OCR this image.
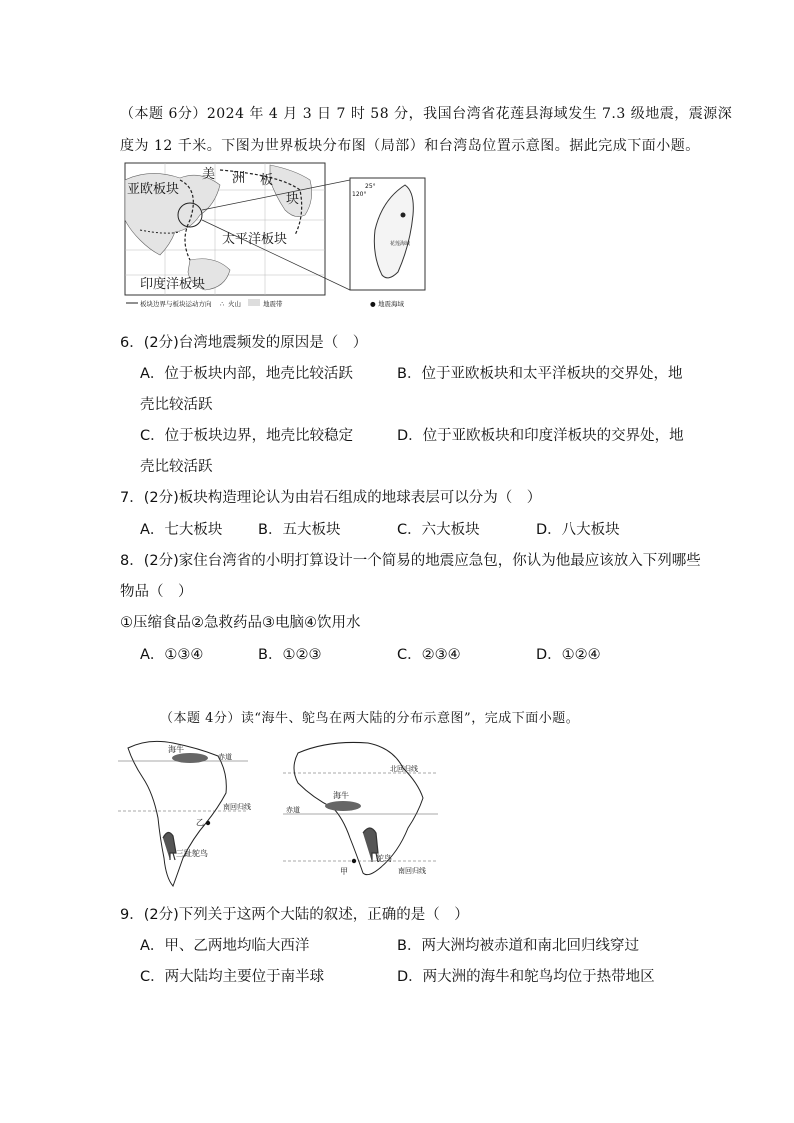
（本题 6分）2024 年 4 月 3 日 7 时 58 分，我国台湾省花莲县海域发生 7.3 级地震，震源深
度为 12 千米。下图为世界板块分布图（局部）和台湾岛位置示意图。据此完成下面小题。
亚欧板块
美 洲 板
块
太平洋板块
印度洋板块
25°
120°
花莲海域
板块边界与板块运动方向 ∴ 火山	地震带	● 地震海域
6．(2分)台湾地震频发的原因是（　）
A．位于板块内部，地壳比较活跃	B．位于亚欧板块和太平洋板块的交界处，地
壳比较活跃
C．位于板块边界，地壳比较稳定	D．位于亚欧板块和印度洋板块的交界处，地
壳比较活跃
7．(2分)板块构造理论认为由岩石组成的地球表层可以分为（　）
A．七大板块 B．五大板块	C．六大板块	D．八大板块
8．(2分)家住台湾省的小明打算设计一个简易的地震应急包，你认为他最应该放入下列哪些
物品（　）
①压缩食品②急救药品③电脑④饮用水
A．①③④	B．①②③	C．②③④	D．①②④
（本题 4分）读“海牛、鸵鸟在两大陆的分布示意图”，完成下面小题。
海牛
赤道
南回归线
乙
三趾鸵鸟
北回归线
海牛
赤道
鸵鸟
甲	南回归线
9．(2分)下列关于这两个大陆的叙述，正确的是（　）
A．甲、乙两地均临大西洋	B．两大洲均被赤道和南北回归线穿过
C．两大陆均主要位于南半球	D．两大洲的海牛和鸵鸟均位于热带地区
